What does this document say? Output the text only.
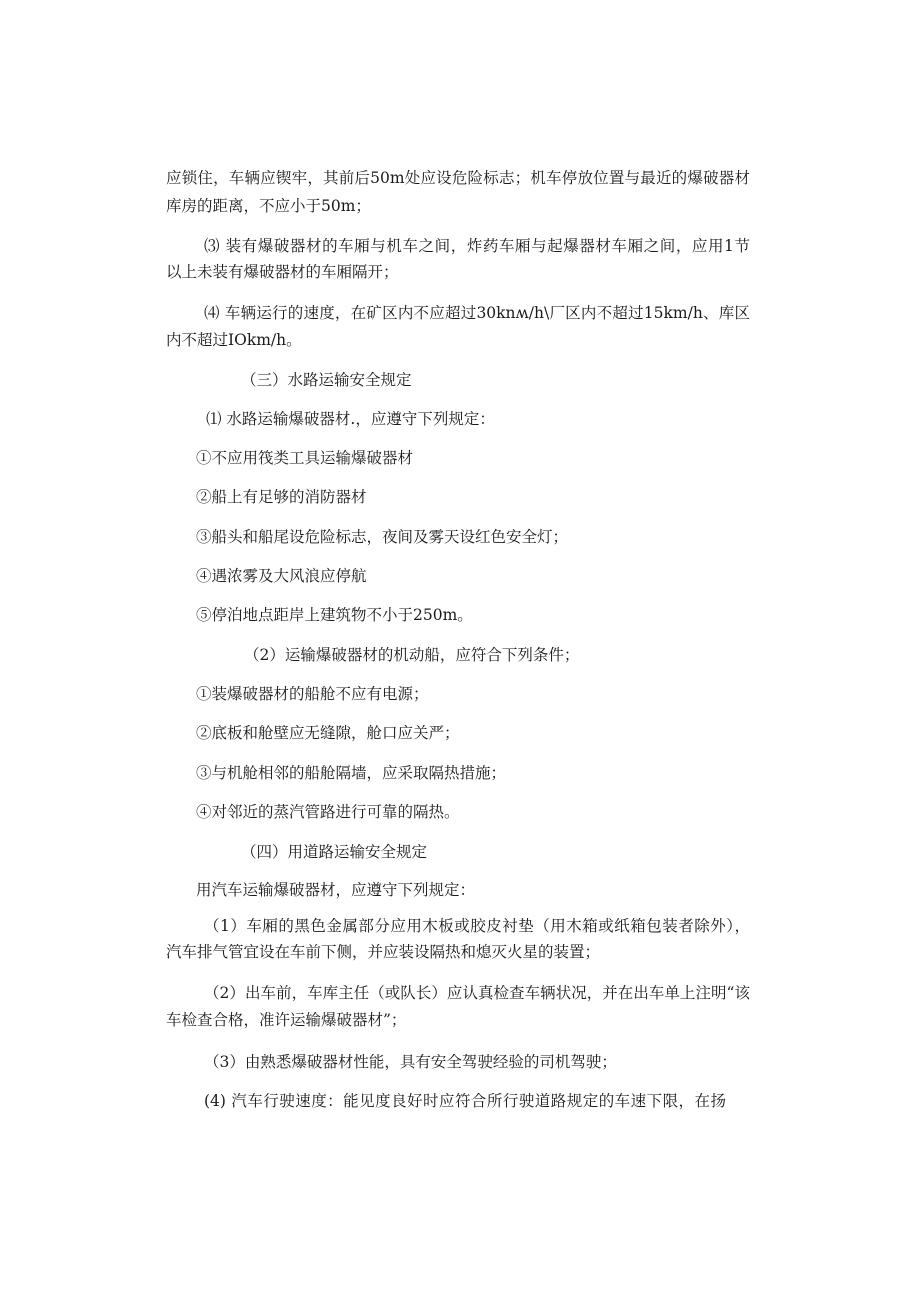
应锁住，车辆应锲牢，其前后50m处应设危险标志；机车停放位置与最近的爆破器材
库房的距离，不应小于50m；
⑶ 装有爆破器材的车厢与机车之间，炸药车厢与起爆器材车厢之间，应用1节
以上未装有爆破器材的车厢隔开；
⑷ 车辆运行的速度，在矿区内不应超过30knʍ/h\厂区内不超过15km/h、库区
内不超过IOkm/h。
（三）水路运输安全规定
⑴ 水路运输爆破器材.，应遵守下列规定：
①不应用筏类工具运输爆破器材
②船上有足够的消防器材
③船头和船尾设危险标志，夜间及雾天设红色安全灯；
④遇浓雾及大风浪应停航
⑤停泊地点距岸上建筑物不小于250m。
（2）运输爆破器材的机动船，应符合下列条件；
①装爆破器材的船舱不应有电源；
②底板和舱壁应无缝隙，舱口应关严；
③与机舱相邻的船舱隔墙，应采取隔热措施；
④对邻近的蒸汽管路进行可靠的隔热。
（四）用道路运输安全规定
用汽车运输爆破器材，应遵守下列规定：
（1）车厢的黑色金属部分应用木板或胶皮衬垫（用木箱或纸箱包装者除外），
汽车排气管宜设在车前下侧，并应装设隔热和熄灭火星的装置；
（2）出车前，车库主任（或队长）应认真检查车辆状况，并在出车单上注明“该
车检查合格，准许运输爆破器材”；
（3）由熟悉爆破器材性能，具有安全驾驶经验的司机驾驶；
(4) 汽车行驶速度：能见度良好时应符合所行驶道路规定的车速下限，在扬
